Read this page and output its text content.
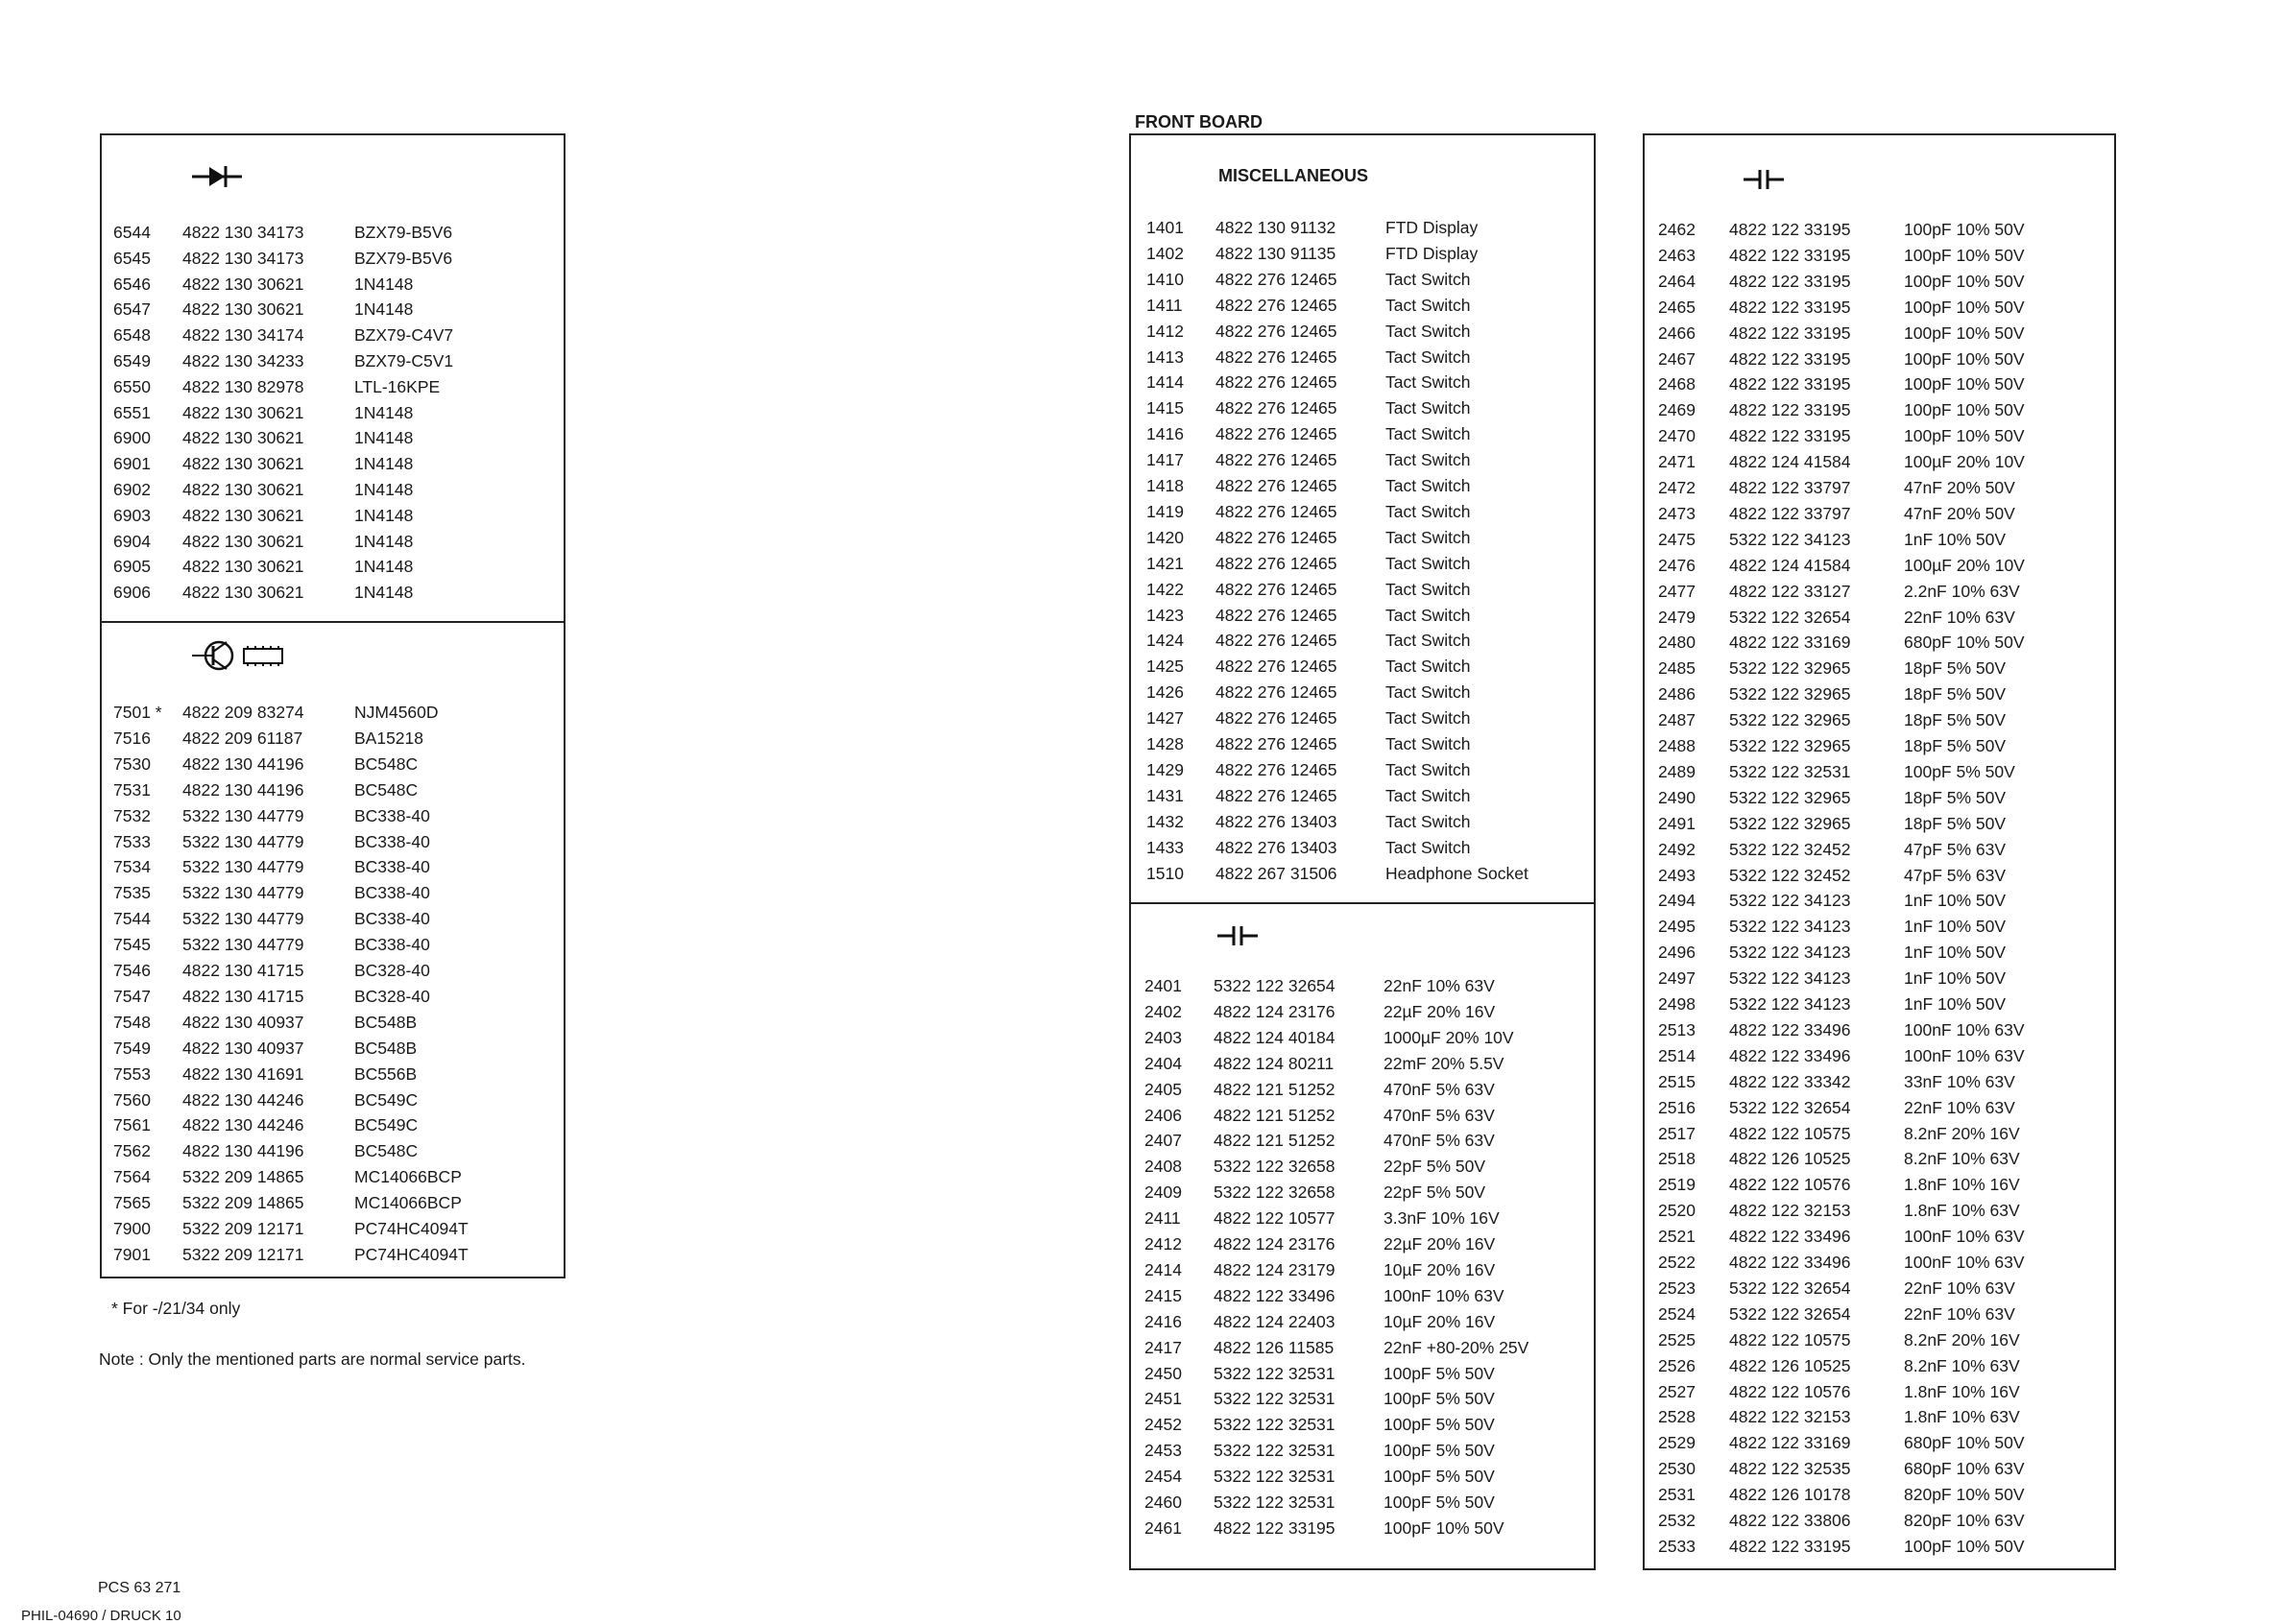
6544 4822 130 34173	BZX79-B5V6
6545 4822 130 34173	BZX79-B5V6
6546 4822 130 30621	1N4148
6547 4822 130 30621	1N4148
6548 4822 130 34174	BZX79-C4V7
6549 4822 130 34233	BZX79-C5V1
6550 4822 130 82978	LTL-16KPE
6551 4822 130 30621	1N4148
6900 4822 130 30621	1N4148
6901 4822 130 30621	1N4148
6902 4822 130 30621	1N4148
6903 4822 130 30621	1N4148
6904 4822 130 30621	1N4148
6905 4822 130 30621	1N4148
6906 4822 130 30621	1N4148
7501 * 4822 209 83274	NJM4560D
7516 4822 209 61187	BA15218
7530 4822 130 44196	BC548C
7531 4822 130 44196	BC548C
7532 5322 130 44779	BC338-40
7533 5322 130 44779	BC338-40
7534 5322 130 44779	BC338-40
7535 5322 130 44779	BC338-40
7544 5322 130 44779	BC338-40
7545 5322 130 44779	BC338-40
7546 4822 130 41715	BC328-40
7547 4822 130 41715	BC328-40
7548 4822 130 40937	BC548B
7549 4822 130 40937	BC548B
7553 4822 130 41691	BC556B
7560 4822 130 44246	BC549C
7561 4822 130 44246	BC549C
7562 4822 130 44196	BC548C
7564 5322 209 14865	MC14066BCP
7565 5322 209 14865	MC14066BCP
7900 5322 209 12171	PC74HC4094T
7901 5322 209 12171	PC74HC4094T
* For -/21/34 only
Note : Only the mentioned parts are normal service parts.
PCS 63 271
PHIL-04690 / DRUCK 10
FRONT BOARD
MISCELLANEOUS
1401 4822 130 91132	FTD Display
1402 4822 130 91135	FTD Display
1410 4822 276 12465	Tact Switch
1411 4822 276 12465	Tact Switch
1412 4822 276 12465	Tact Switch
1413 4822 276 12465	Tact Switch
1414 4822 276 12465	Tact Switch
1415 4822 276 12465	Tact Switch
1416 4822 276 12465	Tact Switch
1417 4822 276 12465	Tact Switch
1418 4822 276 12465	Tact Switch
1419 4822 276 12465	Tact Switch
1420 4822 276 12465	Tact Switch
1421 4822 276 12465	Tact Switch
1422 4822 276 12465	Tact Switch
1423 4822 276 12465	Tact Switch
1424 4822 276 12465	Tact Switch
1425 4822 276 12465	Tact Switch
1426 4822 276 12465	Tact Switch
1427 4822 276 12465	Tact Switch
1428 4822 276 12465	Tact Switch
1429 4822 276 12465	Tact Switch
1431 4822 276 12465	Tact Switch
1432 4822 276 13403	Tact Switch
1433 4822 276 13403	Tact Switch
1510 4822 267 31506	Headphone Socket
2401 5322 122 32654	22nF 10% 63V
2402 4822 124 23176	22µF 20% 16V
2403 4822 124 40184	1000µF 20% 10V
2404 4822 124 80211	22mF 20% 5.5V
2405 4822 121 51252	470nF 5% 63V
2406 4822 121 51252	470nF 5% 63V
2407 4822 121 51252	470nF 5% 63V
2408 5322 122 32658	22pF 5% 50V
2409 5322 122 32658	22pF 5% 50V
2411 4822 122 10577	3.3nF 10% 16V
2412 4822 124 23176	22µF 20% 16V
2414 4822 124 23179	10µF 20% 16V
2415 4822 122 33496	100nF 10% 63V
2416 4822 124 22403	10µF 20% 16V
2417 4822 126 11585	22nF +80-20% 25V
2450 5322 122 32531	100pF 5% 50V
2451 5322 122 32531	100pF 5% 50V
2452 5322 122 32531	100pF 5% 50V
2453 5322 122 32531	100pF 5% 50V
2454 5322 122 32531	100pF 5% 50V
2460 5322 122 32531	100pF 5% 50V
2461 4822 122 33195	100pF 10% 50V
2462 4822 122 33195	100pF 10% 50V
2463 4822 122 33195	100pF 10% 50V
2464 4822 122 33195	100pF 10% 50V
2465 4822 122 33195	100pF 10% 50V
2466 4822 122 33195	100pF 10% 50V
2467 4822 122 33195	100pF 10% 50V
2468 4822 122 33195	100pF 10% 50V
2469 4822 122 33195	100pF 10% 50V
2470 4822 122 33195	100pF 10% 50V
2471 4822 124 41584	100µF 20% 10V
2472 4822 122 33797	47nF 20% 50V
2473 4822 122 33797	47nF 20% 50V
2475 5322 122 34123	1nF 10% 50V
2476 4822 124 41584	100µF 20% 10V
2477 4822 122 33127	2.2nF 10% 63V
2479 5322 122 32654	22nF 10% 63V
2480 4822 122 33169	680pF 10% 50V
2485 5322 122 32965	18pF 5% 50V
2486 5322 122 32965	18pF 5% 50V
2487 5322 122 32965	18pF 5% 50V
2488 5322 122 32965	18pF 5% 50V
2489 5322 122 32531	100pF 5% 50V
2490 5322 122 32965	18pF 5% 50V
2491 5322 122 32965	18pF 5% 50V
2492 5322 122 32452	47pF 5% 63V
2493 5322 122 32452	47pF 5% 63V
2494 5322 122 34123	1nF 10% 50V
2495 5322 122 34123	1nF 10% 50V
2496 5322 122 34123	1nF 10% 50V
2497 5322 122 34123	1nF 10% 50V
2498 5322 122 34123	1nF 10% 50V
2513 4822 122 33496	100nF 10% 63V
2514 4822 122 33496	100nF 10% 63V
2515 4822 122 33342	33nF 10% 63V
2516 5322 122 32654	22nF 10% 63V
2517 4822 122 10575	8.2nF 20% 16V
2518 4822 126 10525	8.2nF 10% 63V
2519 4822 122 10576	1.8nF 10% 16V
2520 4822 122 32153	1.8nF 10% 63V
2521 4822 122 33496	100nF 10% 63V
2522 4822 122 33496	100nF 10% 63V
2523 5322 122 32654	22nF 10% 63V
2524 5322 122 32654	22nF 10% 63V
2525 4822 122 10575	8.2nF 20% 16V
2526 4822 126 10525	8.2nF 10% 63V
2527 4822 122 10576	1.8nF 10% 16V
2528 4822 122 32153	1.8nF 10% 63V
2529 4822 122 33169	680pF 10% 50V
2530 4822 122 32535	680pF 10% 63V
2531 4822 126 10178	820pF 10% 50V
2532 4822 122 33806	820pF 10% 63V
2533 4822 122 33195	100pF 10% 50V
